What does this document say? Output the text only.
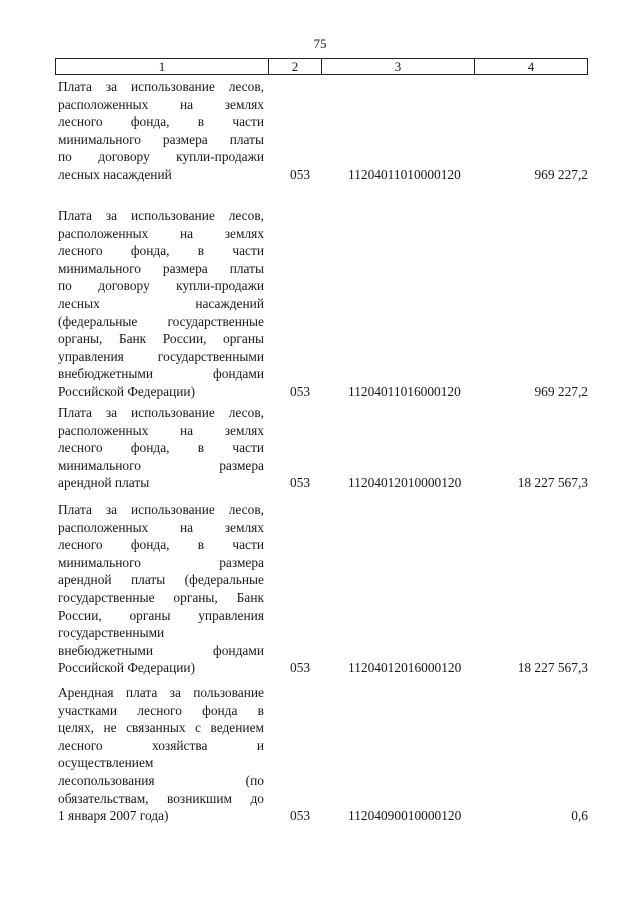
75
1	2	3	4
Плата за использование лесов,
расположенных на землях
лесного фонда, в части
минимального размера платы
по договору купли-продажи
лесных насаждений	053	11204011010000120	969 227,2
Плата за использование лесов,
расположенных на землях
лесного фонда, в части
минимального размера платы
по договору купли-продажи
лесных насаждений
(федеральные государственные
органы, Банк России, органы
управления государственными
внебюджетными фондами
Российской Федерации)	053	11204011016000120	969 227,2
Плата за использование лесов,
расположенных на землях
лесного фонда, в части
минимального размера
арендной платы	053	11204012010000120	18 227 567,3
Плата за использование лесов,
расположенных на землях
лесного фонда, в части
минимального размера
арендной платы (федеральные
государственные органы, Банк
России, органы управления
государственными
внебюджетными фондами
Российской Федерации)	053	11204012016000120	18 227 567,3
Арендная плата за пользование
участками лесного фонда в
целях, не связанных с ведением
лесного хозяйства и
осуществлением
лесопользования (по
обязательствам, возникшим до
1 января 2007 года)	053	11204090010000120	0,6
